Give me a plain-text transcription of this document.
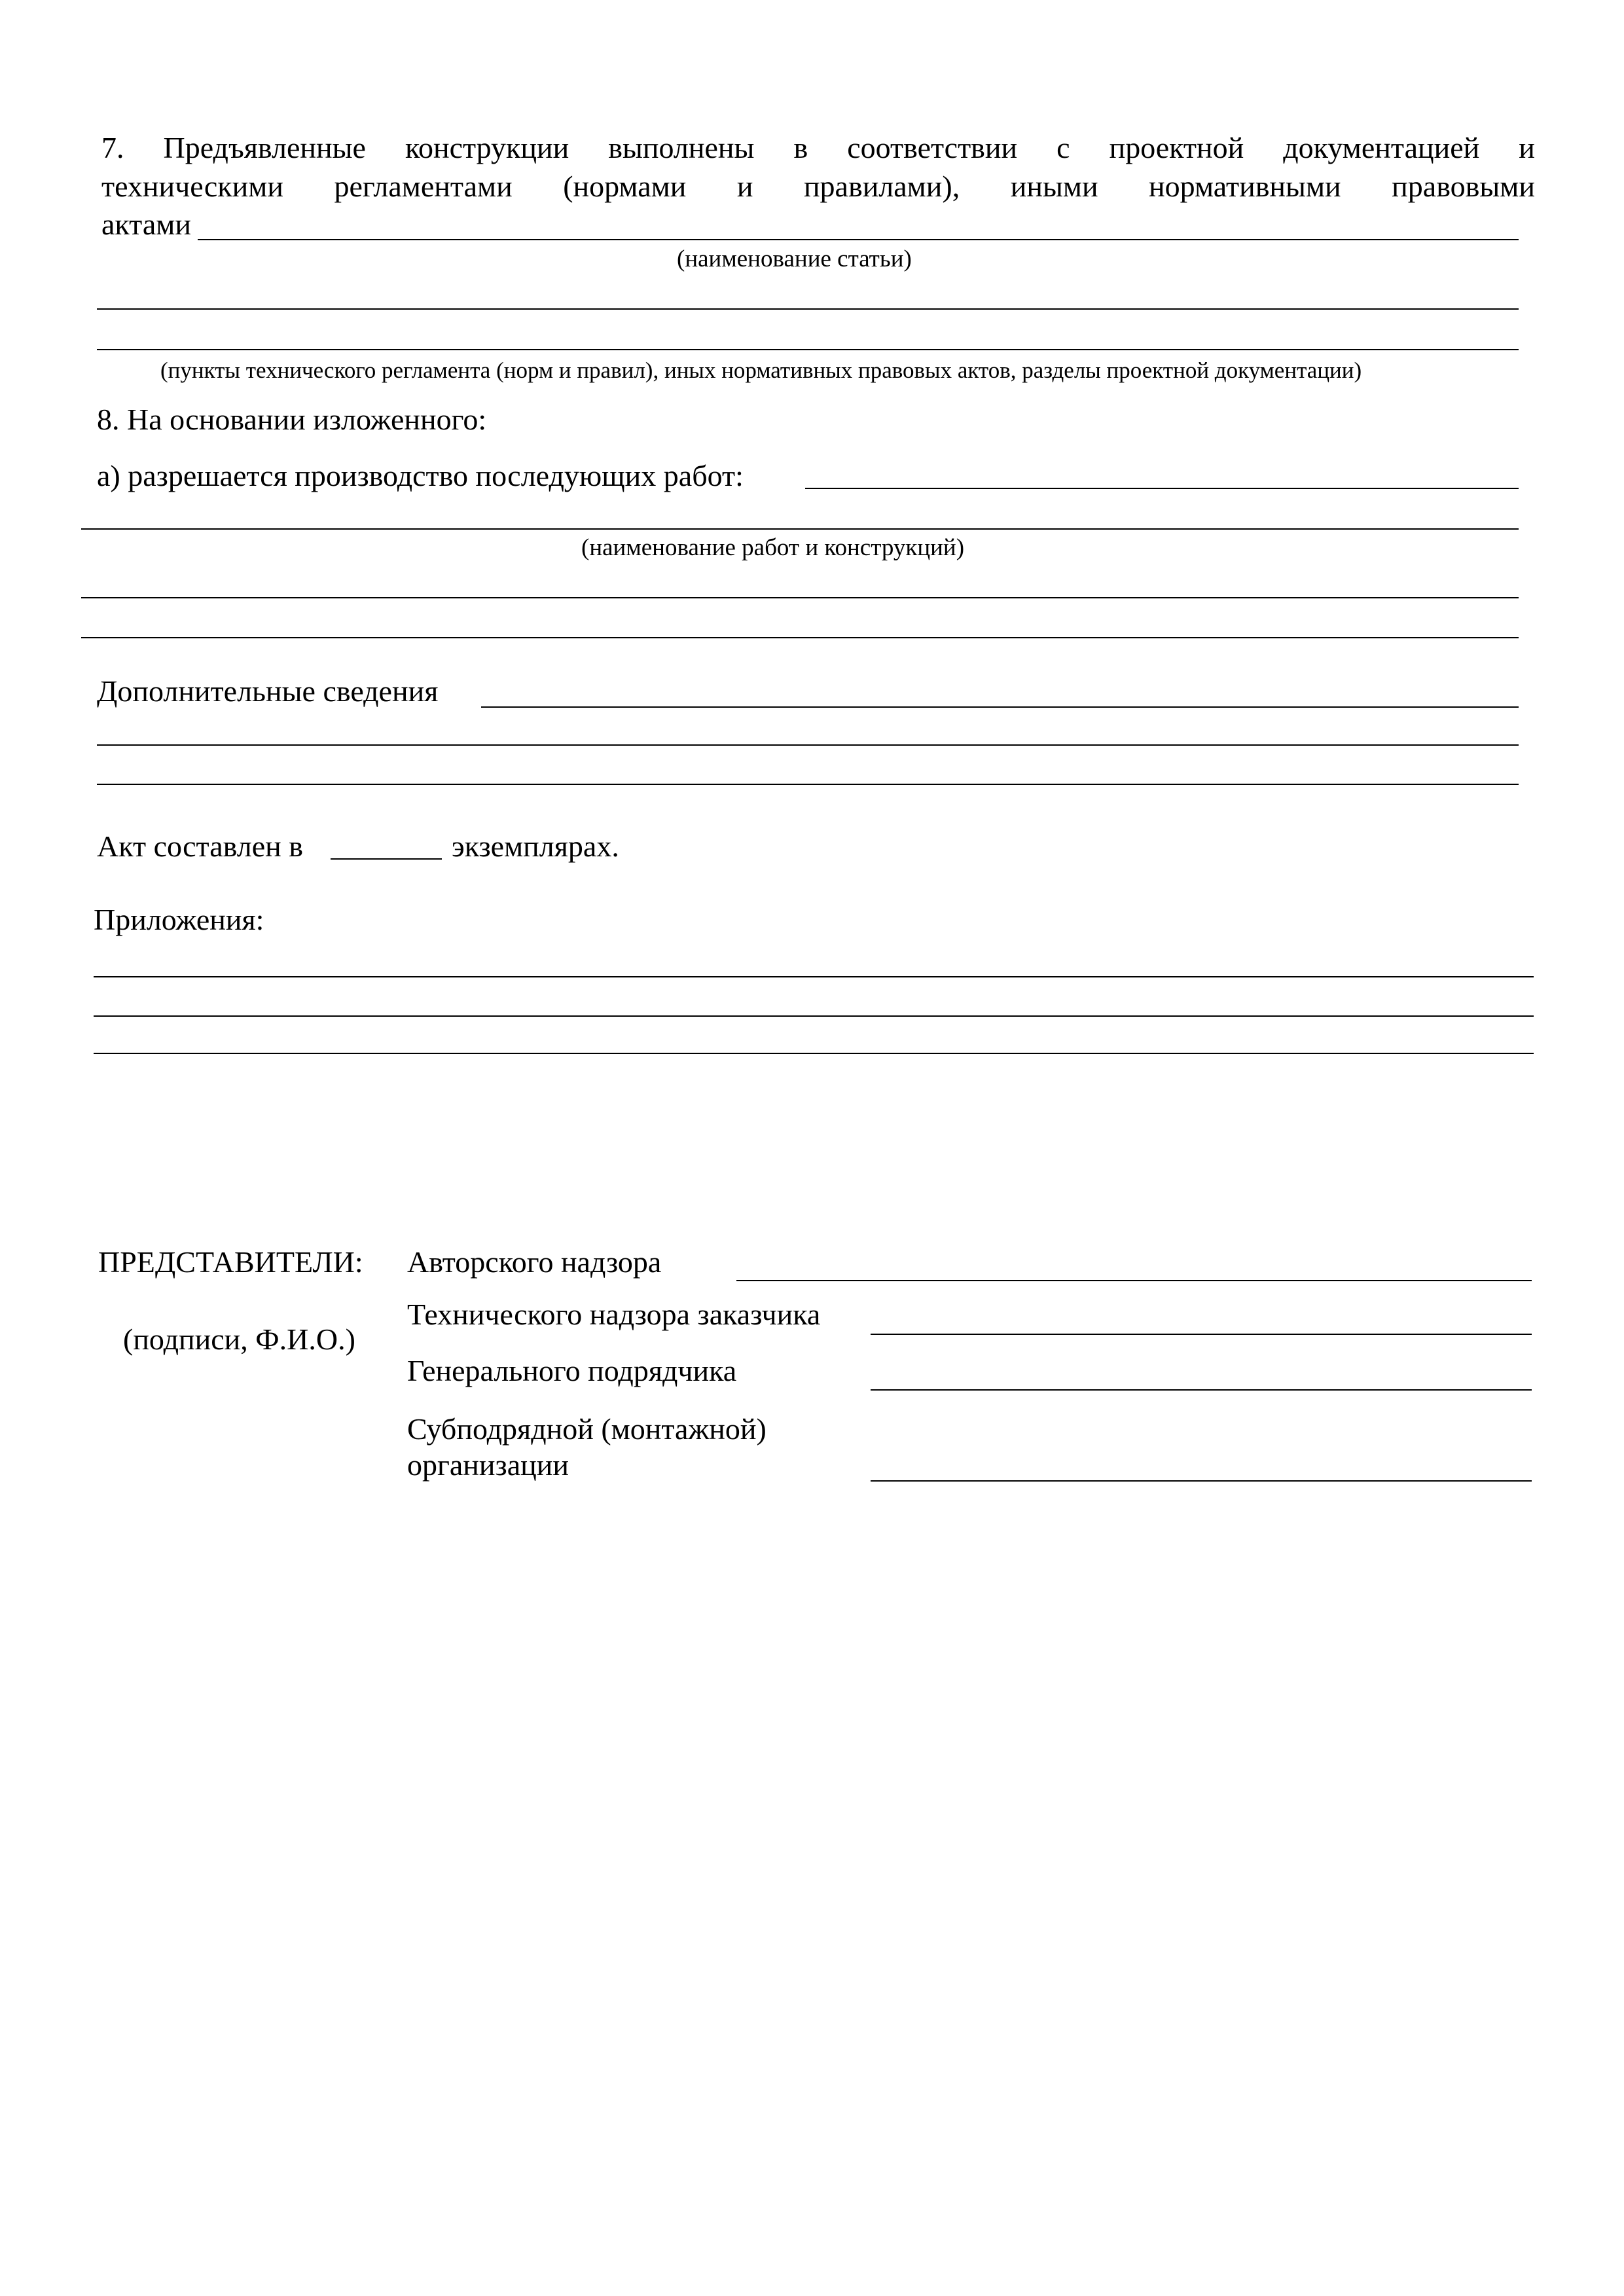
7. Предъявленные конструкции выполнены в соответствии с проектной документацией и
техническими регламентами (нормами и правилами), иными нормативными правовыми
актами
(наименование статьи)
(пункты технического регламента (норм и правил), иных нормативных правовых актов, разделы проектной документации)
8. На основании изложенного:
а) разрешается производство последующих работ:
(наименование работ и конструкций)
Дополнительные сведения
Акт составлен в	экземплярах.
Приложения:
ПРЕДСТАВИТЕЛИ:
(подписи, Ф.И.О.)
Авторского надзора
Технического надзора заказчика
Генерального подрядчика
Субподрядной (монтажной)
организации
